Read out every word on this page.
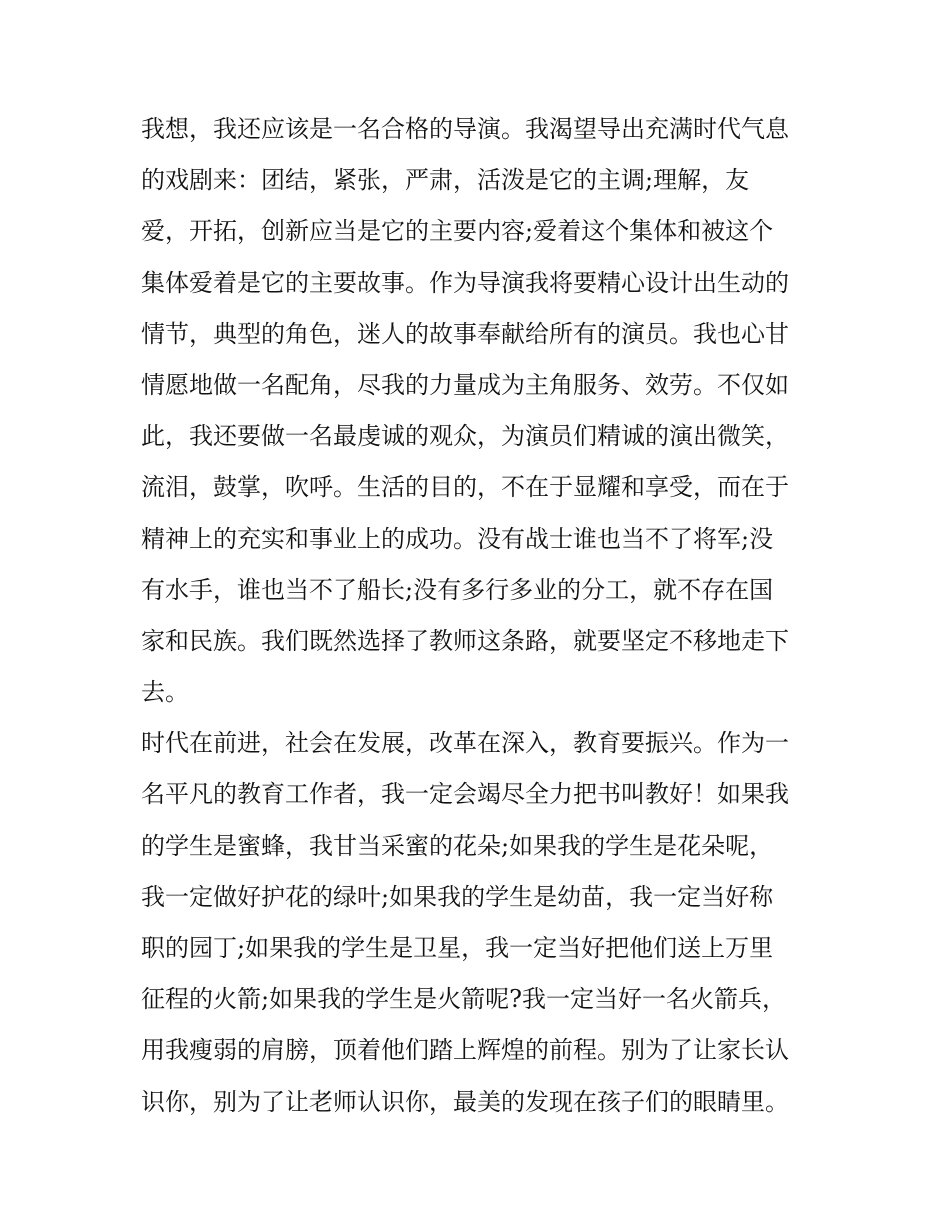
我想，我还应该是一名合格的导演。我渴望导出充满时代气息
的戏剧来：团结，紧张，严肃，活泼是它的主调;理解，友
爱，开拓，创新应当是它的主要内容;爱着这个集体和被这个
集体爱着是它的主要故事。作为导演我将要精心设计出生动的
情节，典型的角色，迷人的故事奉献给所有的演员。我也心甘
情愿地做一名配角，尽我的力量成为主角服务、效劳。不仅如
此，我还要做一名最虔诚的观众，为演员们精诚的演出微笑，
流泪，鼓掌，吹呼。生活的目的，不在于显耀和享受，而在于
精神上的充实和事业上的成功。没有战士谁也当不了将军;没
有水手，谁也当不了船长;没有多行多业的分工，就不存在国
家和民族。我们既然选择了教师这条路，就要坚定不移地走下
去。
时代在前进，社会在发展，改革在深入，教育要振兴。作为一
名平凡的教育工作者，我一定会竭尽全力把书叫教好！如果我
的学生是蜜蜂，我甘当采蜜的花朵;如果我的学生是花朵呢，
我一定做好护花的绿叶;如果我的学生是幼苗，我一定当好称
职的园丁;如果我的学生是卫星，我一定当好把他们送上万里
征程的火箭;如果我的学生是火箭呢?我一定当好一名火箭兵，
用我瘦弱的肩膀，顶着他们踏上辉煌的前程。别为了让家长认
识你，别为了让老师认识你，最美的发现在孩子们的眼睛里。
